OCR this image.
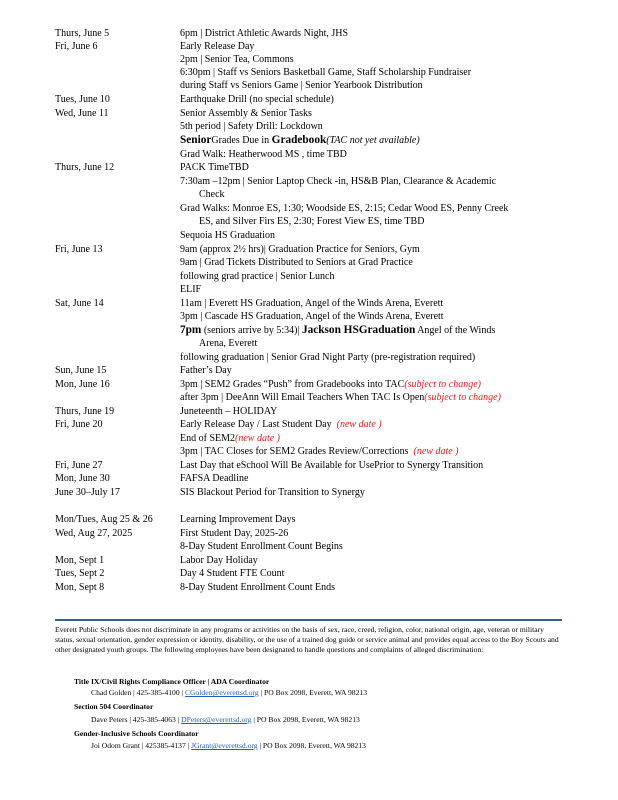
Thurs, June 5	6pm | District Athletic Awards Night, JHS
Fri, June 6	Early Release Day
2pm | Senior Tea, Commons
6:30pm | Staff vs Seniors Basketball Game, Staff Scholarship Fundraiser
during Staff vs Seniors Game | Senior Yearbook Distribution
Tues, June 10	Earthquake Drill (no special schedule)
Wed, June 11	Senior Assembly & Senior Tasks
5th period | Safety Drill: Lockdown
SeniorGrades Due in Gradebook(TAC not yet available)
Grad Walk: Heatherwood MS , time TBD
Thurs, June 12	PACK TimeTBD
7:30am –12pm | Senior Laptop Check -in, HS&B Plan, Clearance & Academic
Check
Grad Walks: Monroe ES, 1:30; Woodside ES, 2:15; Cedar Wood ES, Penny Creek
ES, and Silver Firs ES, 2:30; Forest View ES, time TBD
Sequoia HS Graduation
Fri, June 13	9am (approx 2½ hrs)| Graduation Practice for Seniors, Gym
9am | Grad Tickets Distributed to Seniors at Grad Practice
following grad practice | Senior Lunch
ELIF
Sat, June 14	11am | Everett HS Graduation, Angel of the Winds Arena, Everett
3pm | Cascade HS Graduation, Angel of the Winds Arena, Everett
7pm (seniors arrive by 5:34)| Jackson HSGraduation Angel of the Winds
Arena, Everett
following graduation | Senior Grad Night Party (pre-registration required)
Sun, June 15	Father’s Day
Mon, June 16	3pm | SEM2 Grades “Push” from Gradebooks into TAC(subject to change)
after 3pm | DeeAnn Will Email Teachers When TAC Is Open(subject to change)
Thurs, June 19	Juneteenth – HOLIDAY
Fri, June 20	Early Release Day / Last Student Day (new date )
End of SEM2(new date )
3pm | TAC Closes for SEM2 Grades Review/Corrections (new date )
Fri, June 27	Last Day that eSchool Will Be Available for UsePrior to Synergy Transition
Mon, June 30	FAFSA Deadline
June 30–July 17	SIS Blackout Period for Transition to Synergy
Mon/Tues, Aug 25 & 26	Learning Improvement Days
Wed, Aug 27, 2025	First Student Day, 2025-26
8-Day Student Enrollment Count Begins
Mon, Sept 1	Labor Day Holiday
Tues, Sept 2	Day 4 Student FTE Count
Mon, Sept 8	8-Day Student Enrollment Count Ends

Everett Public Schools does not discriminate in any programs or activities on the basis of sex, race, creed, religion, color, national origin, age, veteran or military status, sexual orientation, gender expression or identity, disability, or the use of a trained dog guide or service animal and provides equal access to the Boy Scouts and other designated youth groups. The following employees have been designated to handle questions and complaints of alleged discrimination:

Title IX/Civil Rights Compliance Officer | ADA Coordinator
Chad Golden | 425-385-4100 | CGolden@everettsd.org | PO Box 2098, Everett, WA 98213
Section 504 Coordinator
Dave Peters | 425-385-4063 | DPeters@everettsd.org | PO Box 2098, Everett, WA 98213
Gender-Inclusive Schools Coordinator
Joi Odom Grant | 425385-4137 | JGrant@everettsd.org | PO Box 2098, Everett, WA 98213
